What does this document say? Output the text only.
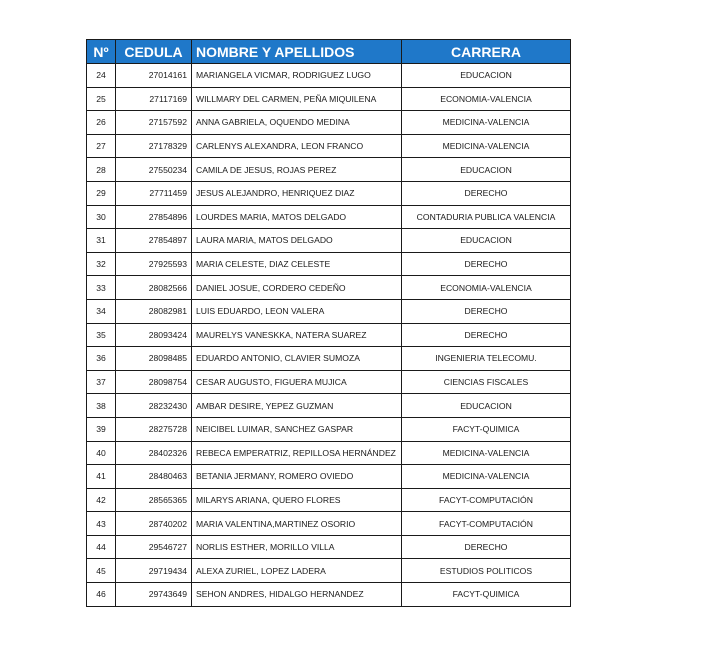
Nº	CEDULA	NOMBRE Y APELLIDOS	CARRERA
24	27014161	MARIANGELA VICMAR, RODRIGUEZ LUGO	EDUCACION
25	27117169	WILLMARY DEL CARMEN, PEÑA MIQUILENA	ECONOMIA-VALENCIA
26	27157592	ANNA GABRIELA, OQUENDO MEDINA	MEDICINA-VALENCIA
27	27178329	CARLENYS ALEXANDRA, LEON FRANCO	MEDICINA-VALENCIA
28	27550234	CAMILA DE JESUS, ROJAS PEREZ	EDUCACION
29	27711459	JESUS ALEJANDRO, HENRIQUEZ DIAZ	DERECHO
30	27854896	LOURDES MARIA, MATOS DELGADO	CONTADURIA PUBLICA VALENCIA
31	27854897	LAURA MARIA, MATOS DELGADO	EDUCACION
32	27925593	MARIA CELESTE, DIAZ CELESTE	DERECHO
33	28082566	DANIEL JOSUE, CORDERO CEDEÑO	ECONOMIA-VALENCIA
34	28082981	LUIS EDUARDO, LEON VALERA	DERECHO
35	28093424	MAURELYS VANESKKA, NATERA SUAREZ	DERECHO
36	28098485	EDUARDO ANTONIO, CLAVIER SUMOZA	INGENIERIA TELECOMU.
37	28098754	CESAR AUGUSTO, FIGUERA MUJICA	CIENCIAS FISCALES
38	28232430	AMBAR DESIRE, YEPEZ GUZMAN	EDUCACION
39	28275728	NEICIBEL LUIMAR, SANCHEZ GASPAR	FACYT-QUIMICA
40	28402326	REBECA EMPERATRIZ, REPILLOSA HERNÁNDEZ	MEDICINA-VALENCIA
41	28480463	BETANIA JERMANY, ROMERO OVIEDO	MEDICINA-VALENCIA
42	28565365	MILARYS ARIANA, QUERO FLORES	FACYT-COMPUTACIÓN
43	28740202	MARIA VALENTINA,MARTINEZ OSORIO	FACYT-COMPUTACIÓN
44	29546727	NORLIS ESTHER, MORILLO VILLA	DERECHO
45	29719434	ALEXA ZURIEL, LOPEZ LADERA	ESTUDIOS POLITICOS
46	29743649	SEHON ANDRES, HIDALGO HERNANDEZ	FACYT-QUIMICA
